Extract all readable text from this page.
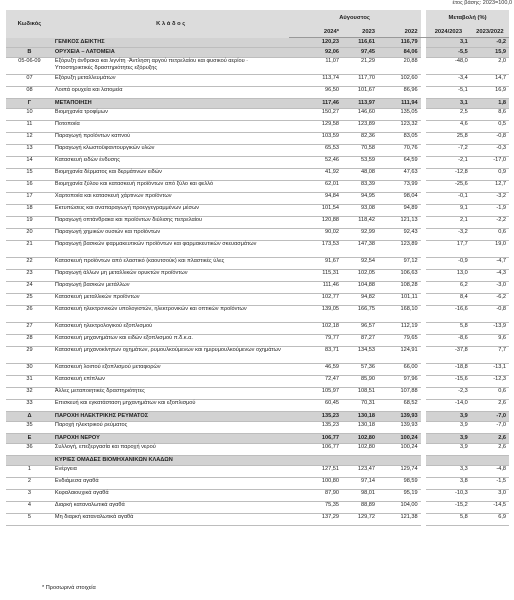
έτος βάσης: 2023=100,0
Κωδικός	Κ λ ά δ ο ς	Αύγουστος				Μεταβολή (%)	
		2024*	2023	2022		2024/2023	2023/2022
	ΓΕΝΙΚΟΣ ΔΕΙΚΤΗΣ	120,23	116,61	116,79		3,1	-0,2
Β	ΟΡΥΧΕΙΑ – ΛΑΤΟΜΕΙΑ	92,06	97,45	84,06		-5,5	15,9
05-06-09	Εξόρυξη άνθρακα και λιγνίτη ·Άντληση αργού πετρελαίου και φυσικού αερίου · Υποστηρικτικές δραστηριότητες εξόρυξης	11,07	21,29	20,88		-48,0	2,0
07	Εξόρυξη μεταλλευμάτων	113,74	117,70	102,60		-3,4	14,7
08	Λοιπά ορυχεία και λατομεία	96,50	101,67	86,96		-5,1	16,9
Γ	ΜΕΤΑΠΟΙΗΣΗ	117,46	113,97	111,94		3,1	1,8
10	Βιομηχανία τροφίμων	150,27	146,60	135,05		2,5	8,6
11	Ποτοποιία	129,58	123,89	123,32		4,6	0,5
12	Παραγωγή προϊόντων καπνού	103,59	82,36	83,05		25,8	-0,8
13	Παραγωγή κλωστοϋφαντουργικών υλών	65,53	70,58	70,76		-7,2	-0,3
14	Κατασκευή ειδών ένδυσης	52,46	53,59	64,59		-2,1	-17,0
15	Βιομηχανία δέρματος και δερμάτινων ειδών	41,92	48,08	47,63		-12,8	0,9
16	Βιομηχανία ξύλου και κατασκευή προϊόντων από ξύλο και φελλό	62,01	83,39	73,99		-25,6	12,7
17	Χαρτοποιία και κατασκευή χάρτινων προϊόντων	94,84	94,95	98,04		-0,1	-3,2
18	Εκτυπώσεις και αναπαραγωγή προεγγεγραμμένων μέσων	101,54	93,08	94,89		9,1	-1,9
19	Παραγωγή οπτάνθρακα και προϊόντων διύλισης πετρελαίου	120,88	118,42	121,13		2,1	-2,2
20	Παραγωγή χημικών ουσιών και προϊόντων	90,02	92,99	92,43		-3,2	0,6
21	Παραγωγή βασικών φαρμακευτικών προϊόντων και φαρμακευτικών σκευασμάτων	173,53	147,38	123,89		17,7	19,0
22	Κατασκευή προϊόντων από ελαστικό (καουτσούκ) και πλαστικές ύλες	91,67	92,54	97,12		-0,9	-4,7
23	Παραγωγή άλλων μη μεταλλικών ορυκτών προϊόντων	115,31	102,05	106,63		13,0	-4,3
24	Παραγωγή βασικών μετάλλων	111,46	104,88	108,28		6,2	-3,0
25	Κατασκευή μεταλλικών προϊόντων	102,77	94,82	101,11		8,4	-6,2
26	Κατασκευή ηλεκτρονικών υπολογιστών, ηλεκτρονικών και οπτικών προϊόντων	139,05	166,75	168,10		-16,6	-0,8
27	Κατασκευή ηλεκτρολογικού εξοπλισμού	102,18	96,57	112,19		5,8	-13,9
28	Κατασκευή μηχανημάτων και ειδών εξοπλισμού π.δ.κ.α.	79,77	87,27	79,65		-8,6	9,6
29	Κατασκευή μηχανοκίνητων οχημάτων, ρυμουλκούμενων και ημιρυμουλκούμενων οχημάτων	83,71	134,53	124,91		-37,8	7,7
30	Κατασκευή λοιπού εξοπλισμού μεταφορών	46,59	57,36	66,00		-18,8	-13,1
31	Κατασκευή επίπλων	72,47	85,90	97,96		-15,6	-12,3
32	Άλλες μεταποιητικές δραστηριότητες	105,97	108,51	107,88		-2,3	0,6
33	Επισκευή και εγκατάσταση μηχανημάτων και εξοπλισμού	60,45	70,31	68,52		-14,0	2,6
Δ	ΠΑΡΟΧΗ ΗΛΕΚΤΡΙΚΗΣ ΡΕΥΜΑΤΟΣ	135,23	130,18	139,93		3,9	-7,0
35	Παροχή ηλεκτρικού ρεύματος	135,23	130,18	139,93		3,9	-7,0
Ε	ΠΑΡΟΧΗ ΝΕΡΟΥ	106,77	102,80	100,24		3,9	2,6
36	Συλλογή, επεξεργασία και παροχή νερού	106,77	102,80	100,24		3,9	2,6
	ΚΥΡΙΕΣ ΟΜΑΔΕΣ ΒΙΟΜΗΧΑΝΙΚΩΝ ΚΛΑΔΩΝ						
1	Ενέργεια	127,51	123,47	129,74		3,3	-4,8
2	Ενδιάμεσα αγαθά	100,80	97,14	98,59		3,8	-1,5
3	Κεφαλαιουχικά αγαθά	87,90	98,01	95,19		-10,3	3,0
4	Διαρκή καταναλωτικά αγαθά	75,35	88,89	104,00		-15,2	-14,5
5	Μη διαρκή καταναλωτικά αγαθά	137,29	129,72	121,38		5,8	6,9
* Προσωρινά στοιχεία
